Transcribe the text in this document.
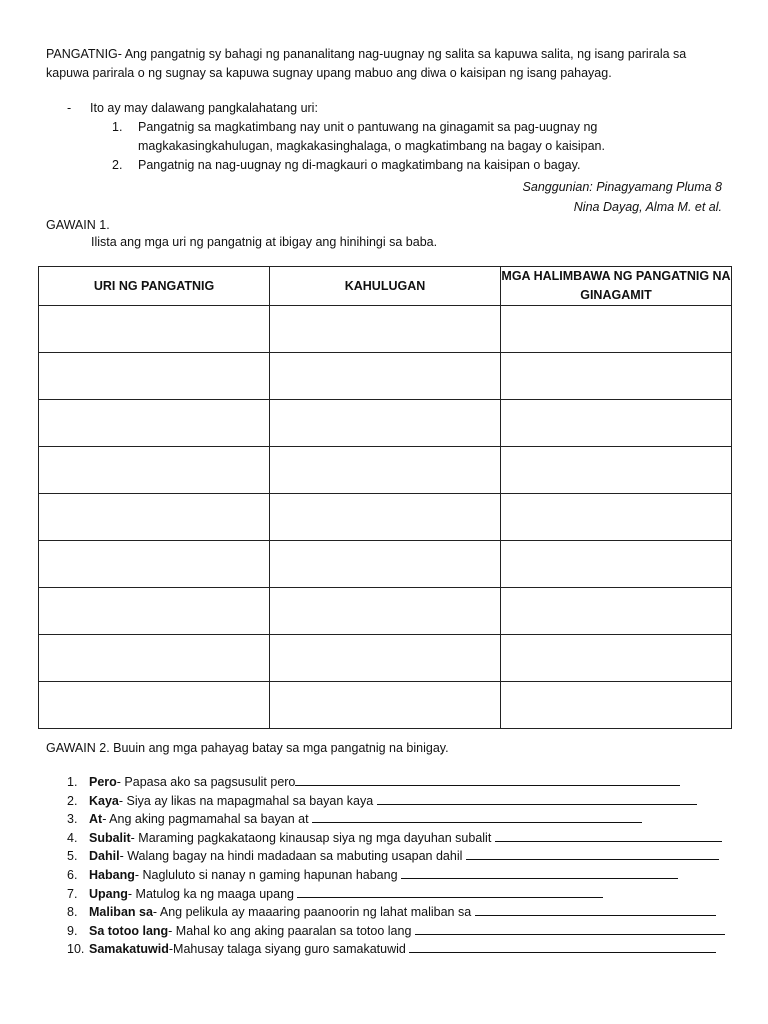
PANGATNIG- Ang pangatnig sy bahagi ng pananalitang nag-uugnay ng salita sa kapuwa salita, ng isang parirala sa kapuwa parirala o ng sugnay sa kapuwa sugnay upang mabuo ang diwa o kaisipan ng isang pahayag.
- Ito ay may dalawang pangkalahatang uri:
1. Pangatnig sa magkatimbang nay unit o pantuwang na ginagamit sa pag-uugnay ng magkakasingkahulugan, magkakasinghalaga, o magkatimbang na bagay o kaisipan.
2. Pangatnig na nag-uugnay ng di-magkauri o magkatimbang na kaisipan o bagay.
Sanggunian: Pinagyamang Pluma 8
Nina Dayag, Alma M. et al.
GAWAIN 1.
Ilista ang mga uri ng pangatnig at ibigay ang hinihingi sa baba.
URI NG PANGATNIG	KAHULUGAN	MGA HALIMBAWA NG PANGATNIG NA GINAGAMIT

GAWAIN 2. Buuin ang mga pahayag batay sa mga pangatnig na binigay.
1. Pero- Papasa ako sa pagsusulit pero
2. Kaya- Siya ay likas na mapagmahal sa bayan kaya
3. At- Ang aking pagmamahal sa bayan at
4. Subalit- Maraming pagkakataong kinausap siya ng mga dayuhan subalit
5. Dahil- Walang bagay na hindi madadaan sa mabuting usapan dahil
6. Habang- Nagluluto si nanay n gaming hapunan habang
7. Upang- Matulog ka ng maaga upang
8. Maliban sa- Ang pelikula ay maaaring paanoorin ng lahat maliban sa
9. Sa totoo lang- Mahal ko ang aking paaralan sa totoo lang
10. Samakatuwid-Mahusay talaga siyang guro samakatuwid
